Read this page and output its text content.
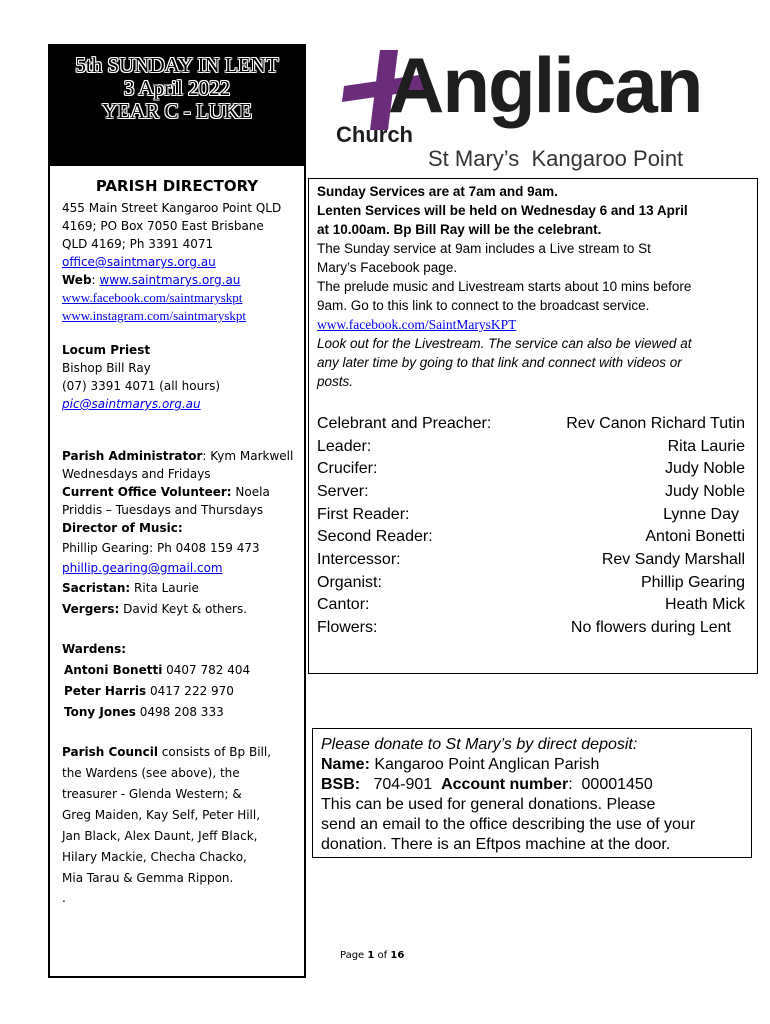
5th SUNDAY IN LENT
3 April 2022
YEAR C - LUKE	Anglican
Church
St Mary’s  Kangaroo Point
PARISH DIRECTORY
455 Main Street Kangaroo Point QLD
4169; PO Box 7050 East Brisbane
QLD 4169; Ph 3391 4071
office@saintmarys.org.au
Web: www.saintmarys.org.au
www.facebook.com/saintmaryskpt
www.instagram.com/saintmaryskpt
Locum Priest
Bishop Bill Ray
(07) 3391 4071 (all hours)
pic@saintmarys.org.au
Parish Administrator: Kym Markwell
Wednesdays and Fridays
Current Office Volunteer: Noela
Priddis – Tuesdays and Thursdays
Director of Music:
Phillip Gearing: Ph 0408 159 473
phillip.gearing@gmail.com
Sacristan: Rita Laurie
Vergers: David Keyt & others.
Wardens:
Antoni Bonetti 0407 782 404
Peter Harris 0417 222 970
Tony Jones 0498 208 333
Parish Council consists of Bp Bill,
the Wardens (see above), the
treasurer - Glenda Western; &
Greg Maiden, Kay Self, Peter Hill,
Jan Black, Alex Daunt, Jeff Black,
Hilary Mackie, Checha Chacko,
Mia Tarau & Gemma Rippon.
.
Sunday Services are at 7am and 9am.
Lenten Services will be held on Wednesday 6 and 13 April
at 10.00am. Bp Bill Ray will be the celebrant.
The Sunday service at 9am includes a Live stream to St
Mary’s Facebook page.
The prelude music and Livestream starts about 10 mins before
9am. Go to this link to connect to the broadcast service.
www.facebook.com/SaintMarysKPT
Look out for the Livestream. The service can also be viewed at
any later time by going to that link and connect with videos or
posts.
Celebrant and Preacher:	Rev Canon Richard Tutin
Leader:	Rita Laurie
Crucifer:	Judy Noble
Server:	Judy Noble
First Reader:	Lynne Day
Second Reader:	Antoni Bonetti
Intercessor:	Rev Sandy Marshall
Organist:	Phillip Gearing
Cantor:	Heath Mick
Flowers:	No flowers during Lent
Please donate to St Mary’s by direct deposit:
Name: Kangaroo Point Anglican Parish
BSB:   704-901  Account number:  00001450
This can be used for general donations. Please
send an email to the office describing the use of your
donation. There is an Eftpos machine at the door.
Page 1 of 16
